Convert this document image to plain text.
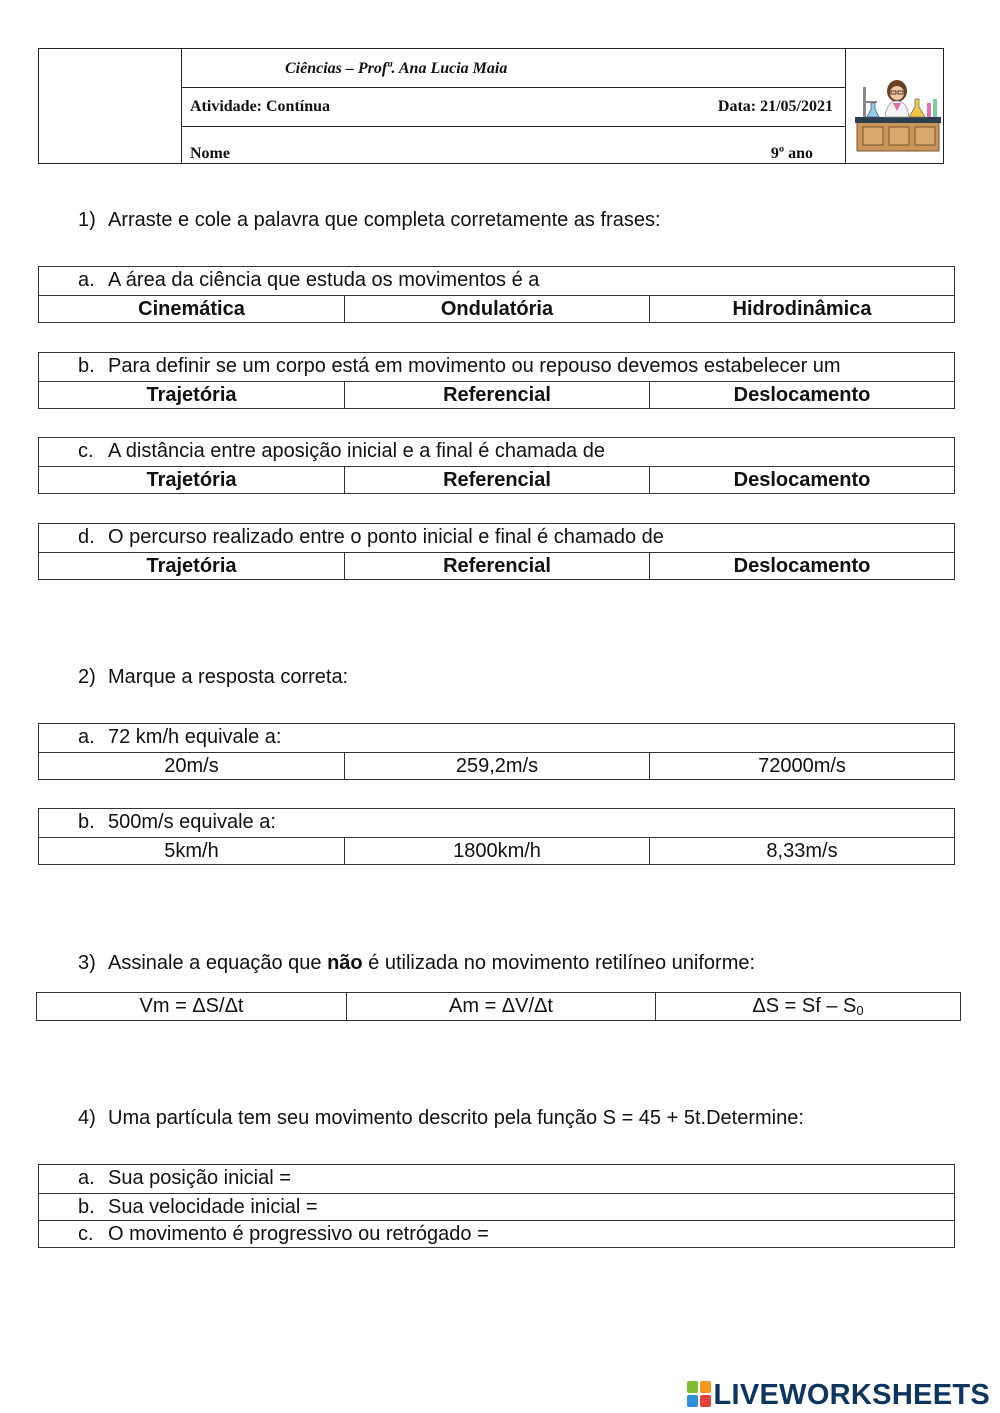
Ciências – Profª. Ana Lucia Maia
Atividade: Contínua	Data: 21/05/2021
Nome	9º ano
1) Arraste e cole a palavra que completa corretamente as frases:
a. A área da ciência que estuda os movimentos é a
Cinemática	Ondulatória	Hidrodinâmica
b. Para definir se um corpo está em movimento ou repouso devemos estabelecer um
Trajetória	Referencial	Deslocamento
c. A distância entre aposição inicial e a final é chamada de
Trajetória	Referencial	Deslocamento
d. O percurso realizado entre o ponto inicial e final é chamado de
Trajetória	Referencial	Deslocamento
2) Marque a resposta correta:
a. 72 km/h equivale a:
20m/s	259,2m/s	72000m/s
b. 500m/s equivale a:
5km/h	1800km/h	8,33m/s
3) Assinale a equação que não é utilizada no movimento retilíneo uniforme:
Vm = ΔS/Δt	Am = ΔV/Δt	ΔS = Sf – S0
4) Uma partícula tem seu movimento descrito pela função S = 45 + 5t.Determine:
a. Sua posição inicial =
b. Sua velocidade inicial =
c. O movimento é progressivo ou retrógado =
LIVEWORKSHEETS
